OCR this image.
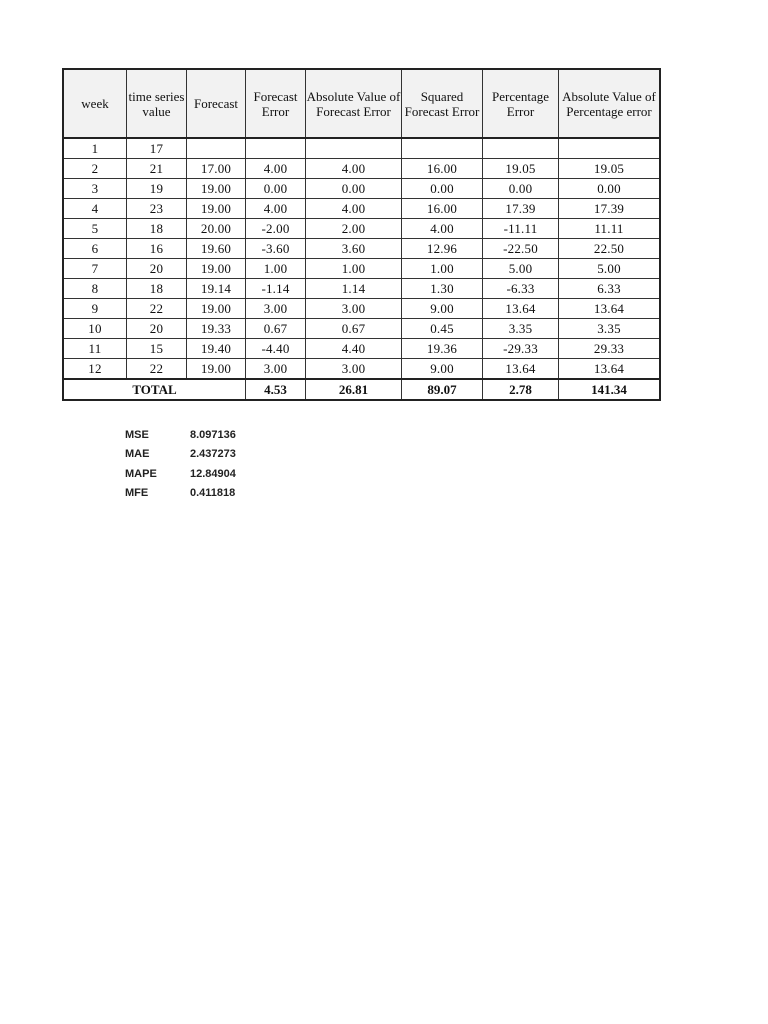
week	time series value	Forecast	Forecast Error	Absolute Value of Forecast Error	Squared Forecast Error	Percentage Error	Absolute Value of Percentage error
1	17						
2	21	17.00	4.00	4.00	16.00	19.05	19.05
3	19	19.00	0.00	0.00	0.00	0.00	0.00
4	23	19.00	4.00	4.00	16.00	17.39	17.39
5	18	20.00	-2.00	2.00	4.00	-11.11	11.11
6	16	19.60	-3.60	3.60	12.96	-22.50	22.50
7	20	19.00	1.00	1.00	1.00	5.00	5.00
8	18	19.14	-1.14	1.14	1.30	-6.33	6.33
9	22	19.00	3.00	3.00	9.00	13.64	13.64
10	20	19.33	0.67	0.67	0.45	3.35	3.35
11	15	19.40	-4.40	4.40	19.36	-29.33	29.33
12	22	19.00	3.00	3.00	9.00	13.64	13.64
TOTAL			4.53	26.81	89.07	2.78	141.34
MSE	8.097136
MAE	2.437273
MAPE	12.84904
MFE	0.411818
